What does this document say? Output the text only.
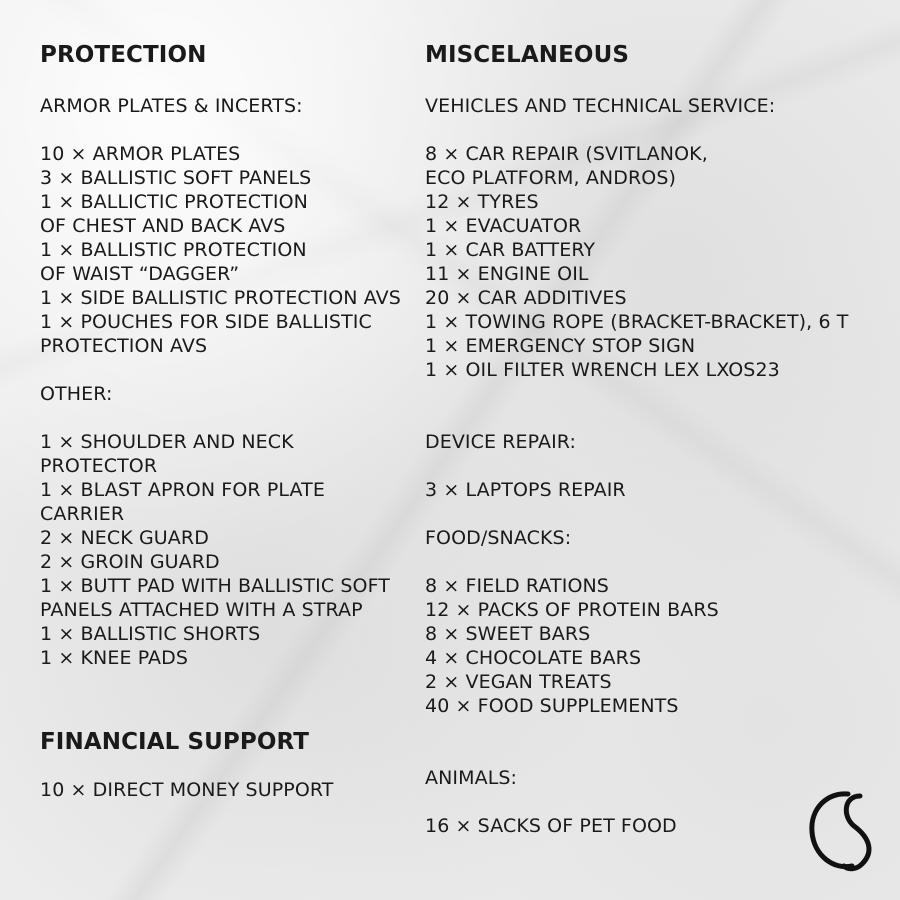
PROTECTION

ARMOR PLATES & INCERTS:

10 × ARMOR PLATES
3 × BALLISTIC SOFT PANELS
1 × BALLICTIC PROTECTION
OF CHEST AND BACK AVS
1 × BALLISTIC PROTECTION
OF WAIST “DAGGER”
1 × SIDE BALLISTIC PROTECTION AVS
1 × POUCHES FOR SIDE BALLISTIC
PROTECTION AVS

OTHER:

1 × SHOULDER AND NECK
PROTECTOR
1 × BLAST APRON FOR PLATE
CARRIER
2 × NECK GUARD
2 × GROIN GUARD
1 × BUTT PAD WITH BALLISTIC SOFT
PANELS ATTACHED WITH A STRAP
1 × BALLISTIC SHORTS
1 × KNEE PADS
FINANCIAL SUPPORT
10 × DIRECT MONEY SUPPORT
MISCELANEOUS

VEHICLES AND TECHNICAL SERVICE:

8 × CAR REPAIR (SVITLANOK,
ECO PLATFORM, ANDROS)
12 × TYRES
1 × EVACUATOR
1 × CAR BATTERY
11 × ENGINE OIL
20 × CAR ADDITIVES
1 × TOWING ROPE (BRACKET-BRACKET), 6 T
1 × EMERGENCY STOP SIGN
1 × OIL FILTER WRENCH LEX LXOS23

DEVICE REPAIR:

3 × LAPTOPS REPAIR

FOOD/SNACKS:

8 × FIELD RATIONS
12 × PACKS OF PROTEIN BARS
8 × SWEET BARS
4 × CHOCOLATE BARS
2 × VEGAN TREATS
40 × FOOD SUPPLEMENTS

ANIMALS:

16 × SACKS OF PET FOOD
